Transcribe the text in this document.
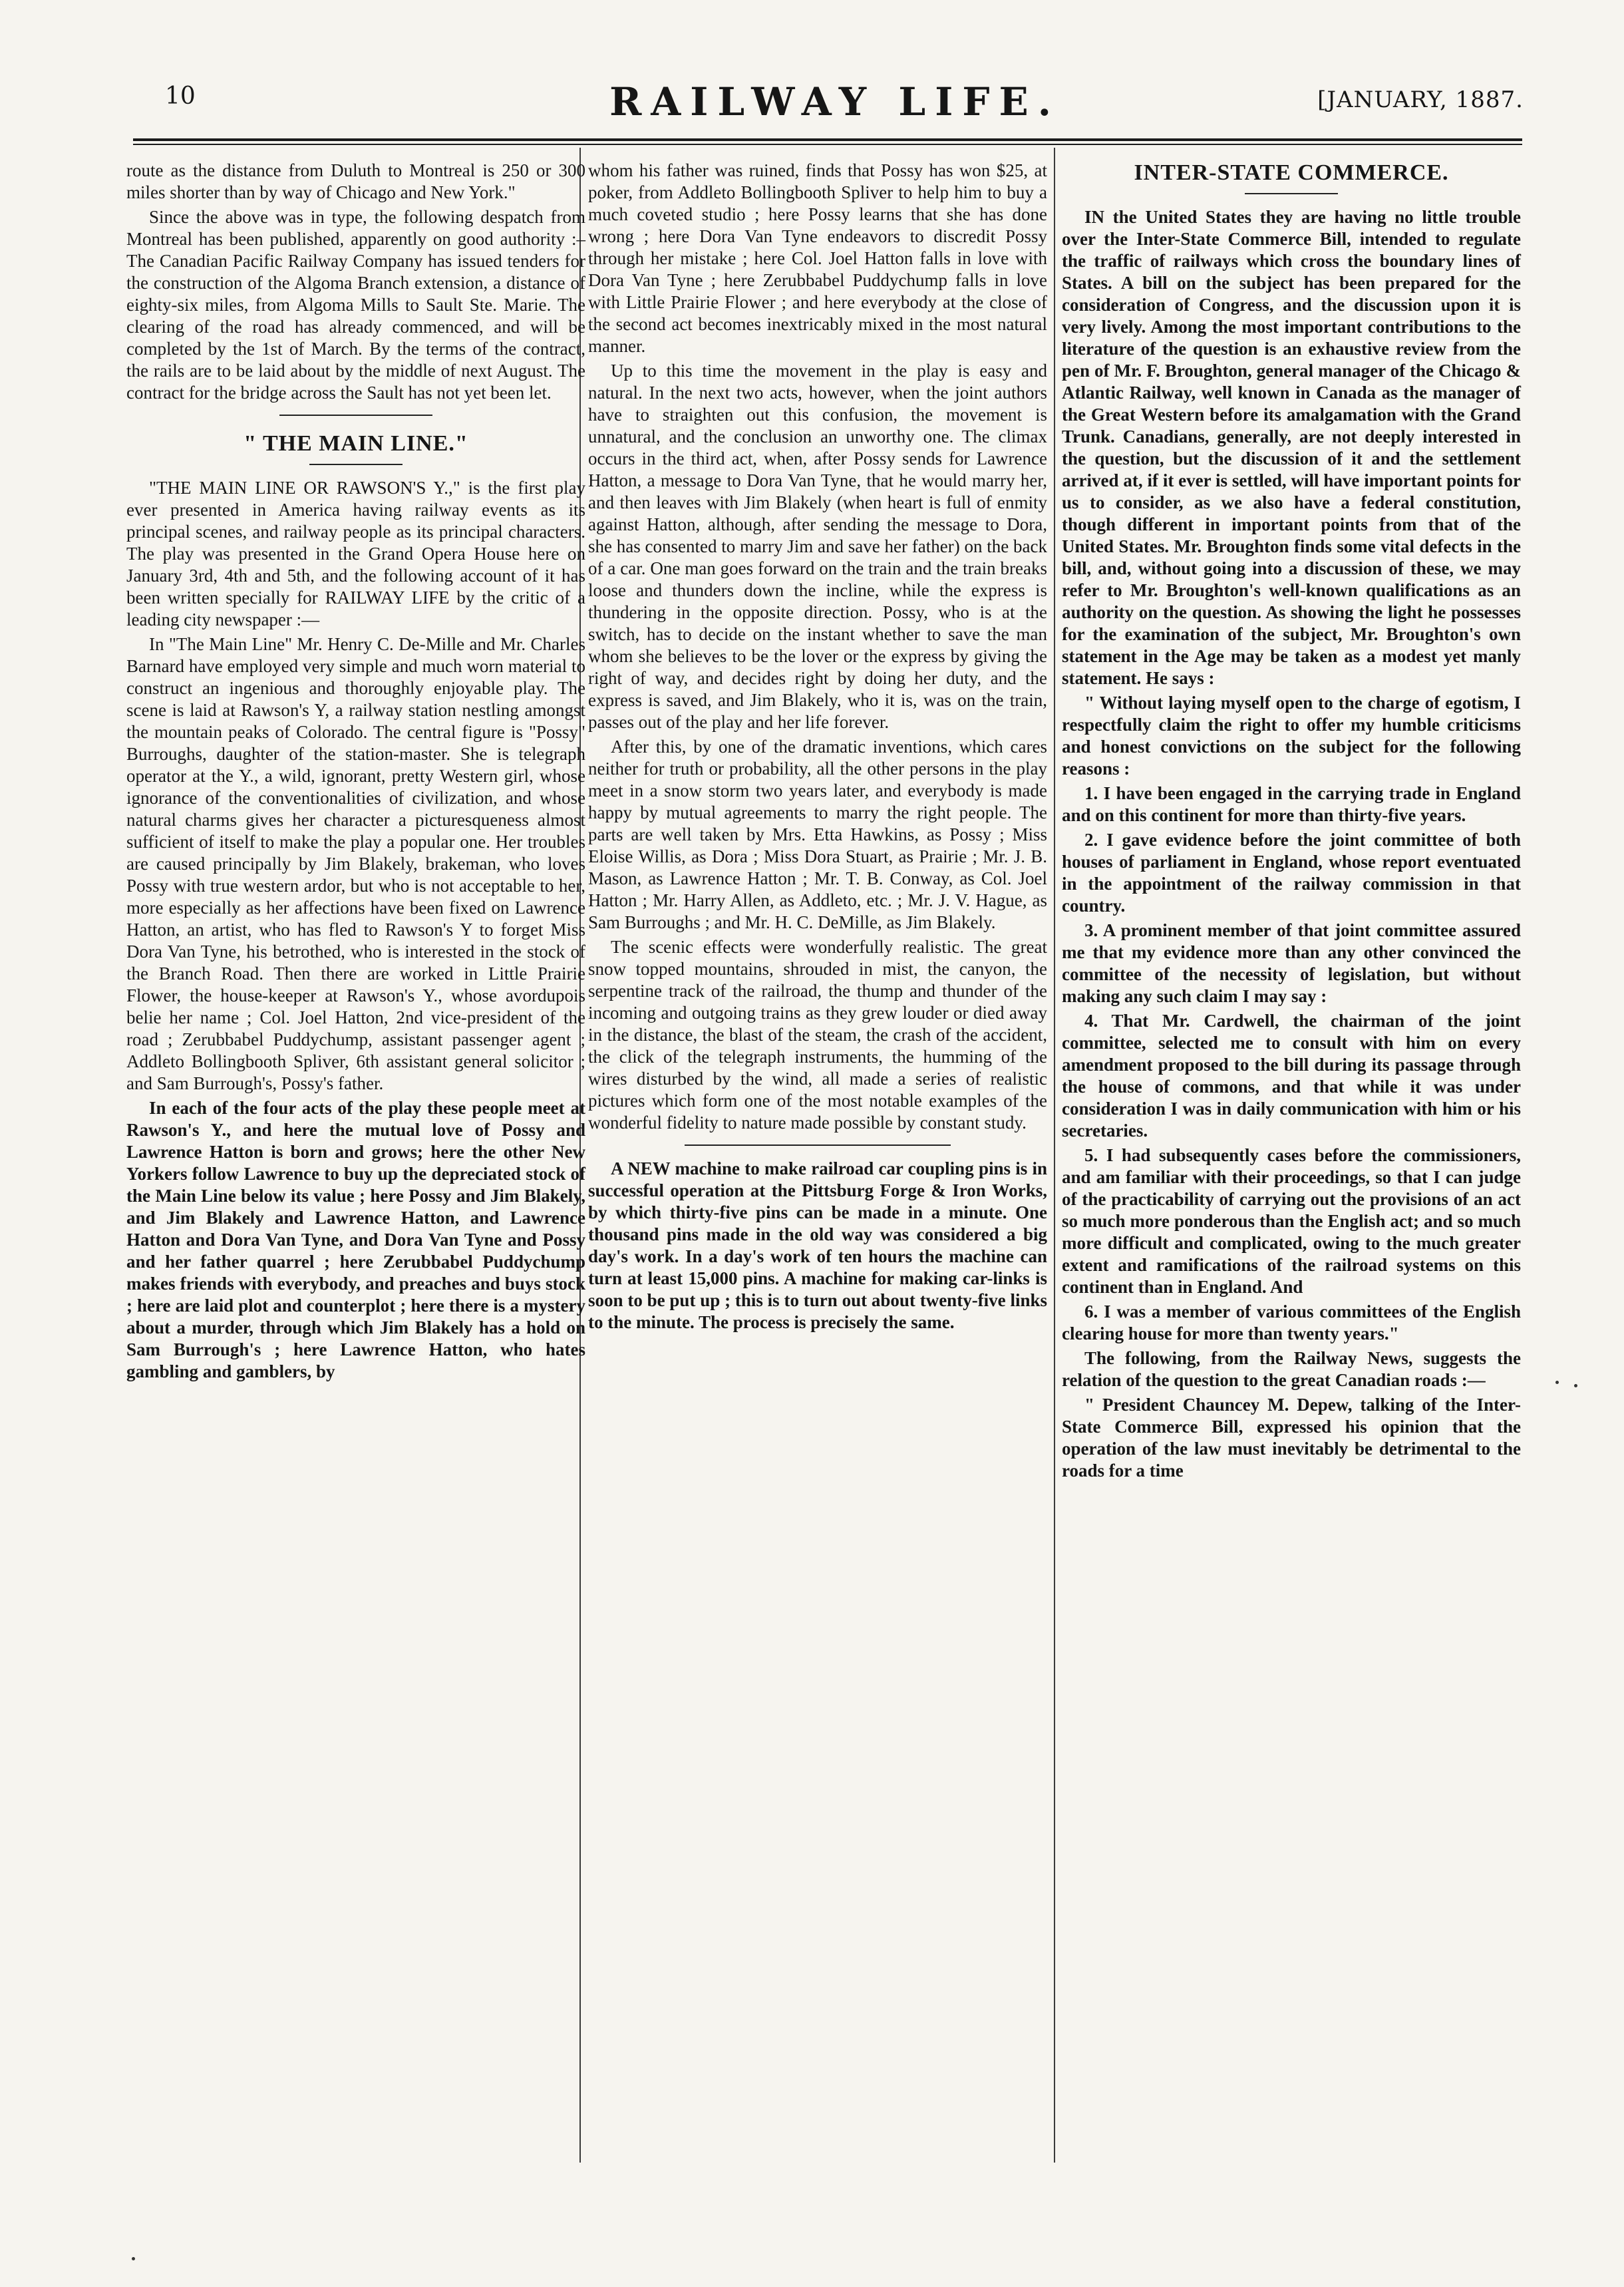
10	RAILWAY LIFE.	[JANUARY, 1887.

route as the distance from Duluth to Montreal is 250 or 300 miles shorter than by way of Chicago and New York."

Since the above was in type, the following despatch from Montreal has been published, apparently on good authority :– The Canadian Pacific Railway Company has issued tenders for the construction of the Algoma Branch extension, a distance of eighty-six miles, from Algoma Mills to Sault Ste. Marie. The clearing of the road has already commenced, and will be completed by the 1st of March. By the terms of the contract, the rails are to be laid about by the middle of next August. The contract for the bridge across the Sault has not yet been let.

" THE MAIN LINE."

"THE MAIN LINE OR RAWSON'S Y.," is the first play ever presented in America having railway events as its principal scenes, and railway people as its principal characters. The play was presented in the Grand Opera House here on January 3rd, 4th and 5th, and the following account of it has been written specially for RAILWAY LIFE by the critic of a leading city newspaper :—

In "The Main Line" Mr. Henry C. De-Mille and Mr. Charles Barnard have employed very simple and much worn material to construct an ingenious and thoroughly enjoyable play. The scene is laid at Rawson's Y, a railway station nestling amongst the mountain peaks of Colorado. The central figure is "Possy" Burroughs, daughter of the station-master. She is telegraph operator at the Y., a wild, ignorant, pretty Western girl, whose ignorance of the conventionalities of civilization, and whose natural charms gives her character a picturesqueness almost sufficient of itself to make the play a popular one. Her troubles are caused principally by Jim Blakely, brakeman, who loves Possy with true western ardor, but who is not acceptable to her, more especially as her affections have been fixed on Lawrence Hatton, an artist, who has fled to Rawson's Y to forget Miss Dora Van Tyne, his betrothed, who is interested in the stock of the Branch Road. Then there are worked in Little Prairie Flower, the house-keeper at Rawson's Y., whose avordupois belie her name ; Col. Joel Hatton, 2nd vice-president of the road ; Zerubbabel Puddychump, assistant passenger agent ; Addleto Bollingbooth Spliver, 6th assistant general solicitor ; and Sam Burrough's, Possy's father.

In each of the four acts of the play these people meet at Rawson's Y., and here the mutual love of Possy and Lawrence Hatton is born and grows; here the other New Yorkers follow Lawrence to buy up the depreciated stock of the Main Line below its value ; here Possy and Jim Blakely, and Jim Blakely and Lawrence Hatton, and Lawrence Hatton and Dora Van Tyne, and Dora Van Tyne and Possy and her father quarrel ; here Zerubbabel Puddychump makes friends with everybody, and preaches and buys stock ; here are laid plot and counterplot ; here there is a mystery about a murder, through which Jim Blakely has a hold on Sam Burrough's ; here Lawrence Hatton, who hates gambling and gamblers, by

whom his father was ruined, finds that Possy has won $25, at poker, from Addleto Bollingbooth Spliver to help him to buy a much coveted studio ; here Possy learns that she has done wrong ; here Dora Van Tyne endeavors to discredit Possy through her mistake ; here Col. Joel Hatton falls in love with Dora Van Tyne ; here Zerubbabel Puddychump falls in love with Little Prairie Flower ; and here everybody at the close of the second act becomes inextricably mixed in the most natural manner.

Up to this time the movement in the play is easy and natural. In the next two acts, however, when the joint authors have to straighten out this confusion, the movement is unnatural, and the conclusion an unworthy one. The climax occurs in the third act, when, after Possy sends for Lawrence Hatton, a message to Dora Van Tyne, that he would marry her, and then leaves with Jim Blakely (when heart is full of enmity against Hatton, although, after sending the message to Dora, she has consented to marry Jim and save her father) on the back of a car. One man goes forward on the train and the train breaks loose and thunders down the incline, while the express is thundering in the opposite direction. Possy, who is at the switch, has to decide on the instant whether to save the man whom she believes to be the lover or the express by giving the right of way, and decides right by doing her duty, and the express is saved, and Jim Blakely, who it is, was on the train, passes out of the play and her life forever.

After this, by one of the dramatic inventions, which cares neither for truth or probability, all the other persons in the play meet in a snow storm two years later, and everybody is made happy by mutual agreements to marry the right people. The parts are well taken by Mrs. Etta Hawkins, as Possy ; Miss Eloise Willis, as Dora ; Miss Dora Stuart, as Prairie ; Mr. J. B. Mason, as Lawrence Hatton ; Mr. T. B. Conway, as Col. Joel Hatton ; Mr. Harry Allen, as Addleto, etc. ; Mr. J. V. Hague, as Sam Burroughs ; and Mr. H. C. DeMille, as Jim Blakely.

The scenic effects were wonderfully realistic. The great snow topped mountains, shrouded in mist, the canyon, the serpentine track of the railroad, the thump and thunder of the incoming and outgoing trains as they grew louder or died away in the distance, the blast of the steam, the crash of the accident, the click of the telegraph instruments, the humming of the wires disturbed by the wind, all made a series of realistic pictures which form one of the most notable examples of the wonderful fidelity to nature made possible by constant study.

A NEW machine to make railroad car coupling pins is in successful operation at the Pittsburg Forge & Iron Works, by which thirty-five pins can be made in a minute. One thousand pins made in the old way was considered a big day's work. In a day's work of ten hours the machine can turn at least 15,000 pins. A machine for making car-links is soon to be put up ; this is to turn out about twenty-five links to the minute. The process is precisely the same.

INTER-STATE COMMERCE.

IN the United States they are having no little trouble over the Inter-State Commerce Bill, intended to regulate the traffic of railways which cross the boundary lines of States. A bill on the subject has been prepared for the consideration of Congress, and the discussion upon it is very lively. Among the most important contributions to the literature of the question is an exhaustive review from the pen of Mr. F. Broughton, general manager of the Chicago & Atlantic Railway, well known in Canada as the manager of the Great Western before its amalgamation with the Grand Trunk. Canadians, generally, are not deeply interested in the question, but the discussion of it and the settlement arrived at, if it ever is settled, will have important points for us to consider, as we also have a federal constitution, though different in important points from that of the United States. Mr. Broughton finds some vital defects in the bill, and, without going into a discussion of these, we may refer to Mr. Broughton's well-known qualifications as an authority on the question. As showing the light he possesses for the examination of the subject, Mr. Broughton's own statement in the Age may be taken as a modest yet manly statement. He says :

" Without laying myself open to the charge of egotism, I respectfully claim the right to offer my humble criticisms and honest convictions on the subject for the following reasons :

1. I have been engaged in the carrying trade in England and on this continent for more than thirty-five years.

2. I gave evidence before the joint committee of both houses of parliament in England, whose report eventuated in the appointment of the railway commission in that country.

3. A prominent member of that joint committee assured me that my evidence more than any other convinced the committee of the necessity of legislation, but without making any such claim I may say :

4. That Mr. Cardwell, the chairman of the joint committee, selected me to consult with him on every amendment proposed to the bill during its passage through the house of commons, and that while it was under consideration I was in daily communication with him or his secretaries.

5. I had subsequently cases before the commissioners, and am familiar with their proceedings, so that I can judge of the practicability of carrying out the provisions of an act so much more ponderous than the English act; and so much more difficult and complicated, owing to the much greater extent and ramifications of the railroad systems on this continent than in England. And

6. I was a member of various committees of the English clearing house for more than twenty years."

The following, from the Railway News, suggests the relation of the question to the great Canadian roads :—

" President Chauncey M. Depew, talking of the Inter-State Commerce Bill, expressed his opinion that the operation of the law must inevitably be detrimental to the roads for a time
